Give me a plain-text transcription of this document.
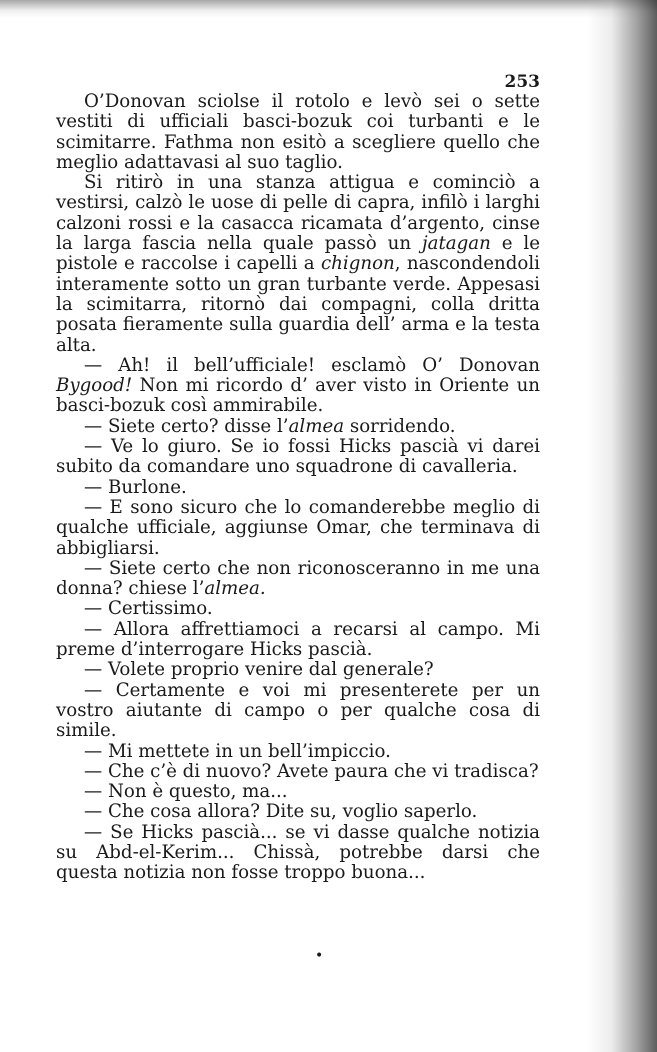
253

O’Donovan sciolse il rotolo e levò sei o sette vestiti di ufficiali basci-bozuk coi turbanti e le scimitarre. Fathma non esitò a scegliere quello che meglio adattavasi al suo taglio.

Si ritirò in una stanza attigua e cominciò a vestirsi, calzò le uose di pelle di capra, infilò i larghi calzoni rossi e la casacca ricamata d’argento, cinse la larga fascia nella quale passò un jatagan e le pistole e raccolse i capelli a chignon, nascondendoli interamente sotto un gran turbante verde. Appesasi la scimitarra, ritornò dai compagni, colla dritta posata fieramente sulla guardia dell’ arma e la testa alta.

— Ah! il bell’ufficiale! esclamò O’ Donovan Bygood! Non mi ricordo d’ aver visto in Oriente un basci-bozuk così ammirabile.

— Siete certo? disse l’almea sorridendo.

— Ve lo giuro. Se io fossi Hicks pascià vi darei subito da comandare uno squadrone di cavalleria.

— Burlone.

— E sono sicuro che lo comanderebbe meglio di qualche ufficiale, aggiunse Omar, che terminava di abbigliarsi.

— Siete certo che non riconosceranno in me una donna? chiese l’almea.

— Certissimo.

— Allora affrettiamoci a recarsi al campo. Mi preme d’interrogare Hicks pascià.

— Volete proprio venire dal generale?

— Certamente e voi mi presenterete per un vostro aiutante di campo o per qualche cosa di simile.

— Mi mettete in un bell’impiccio.

— Che c’è di nuovo? Avete paura che vi tradisca?

— Non è questo, ma...

— Che cosa allora? Dite su, voglio saperlo.

— Se Hicks pascià... se vi dasse qualche notizia su Abd-el-Kerim... Chissà, potrebbe darsi che questa notizia non fosse troppo buona...

•
